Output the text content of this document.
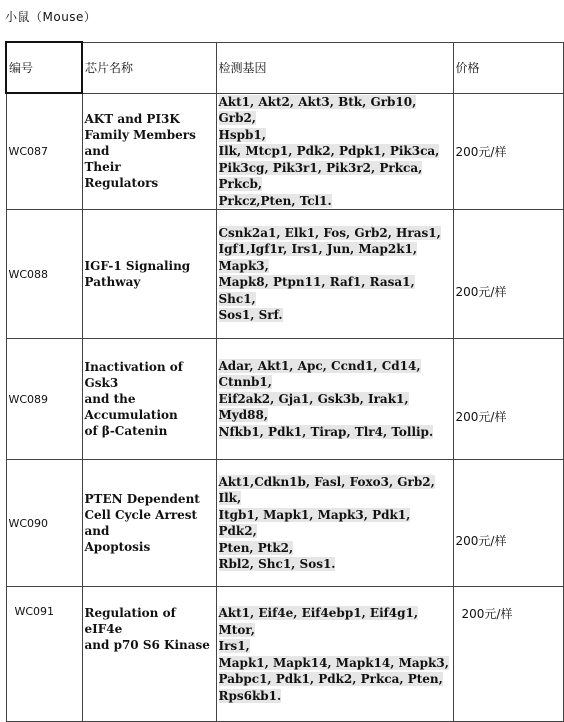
小鼠（Mouse）
编号	芯片名称	检测基因	价格
WC087	AKT and PI3K
Family Members and
Their
Regulators	Akt1, Akt2, Akt3, Btk, Grb10, Grb2,
Hspb1,
Ilk, Mtcp1, Pdk2, Pdpk1, Pik3ca,
Pik3cg, Pik3r1, Pik3r2, Prkca, Prkcb,
Prkcz,Pten, Tcl1.	200元/样
WC088	IGF-1 Signaling
Pathway	Csnk2a1, Elk1, Fos, Grb2, Hras1,
Igf1,Igf1r, Irs1, Jun, Map2k1, Mapk3,
Mapk8, Ptpn11, Raf1, Rasa1, Shc1,
Sos1, Srf.	200元/样
WC089	Inactivation of Gsk3
and the
Accumulation
of β-Catenin	Adar, Akt1, Apc, Ccnd1, Cd14,
Ctnnb1,
Eif2ak2, Gja1, Gsk3b, Irak1, Myd88,
Nfkb1, Pdk1, Tirap, Tlr4, Tollip.	200元/样
WC090	PTEN Dependent
Cell Cycle Arrest and
Apoptosis	Akt1,Cdkn1b, Fasl, Foxo3, Grb2, Ilk,
Itgb1, Mapk1, Mapk3, Pdk1, Pdk2,
Pten, Ptk2,
Rbl2, Shc1, Sos1.	200元/样
WC091	Regulation of eIF4e
and p70 S6 Kinase	Akt1, Eif4e, Eif4ebp1, Eif4g1, Mtor,
Irs1,
Mapk1, Mapk14, Mapk14, Mapk3,
Pabpc1, Pdk1, Pdk2, Prkca, Pten,
Rps6kb1.	200元/样
